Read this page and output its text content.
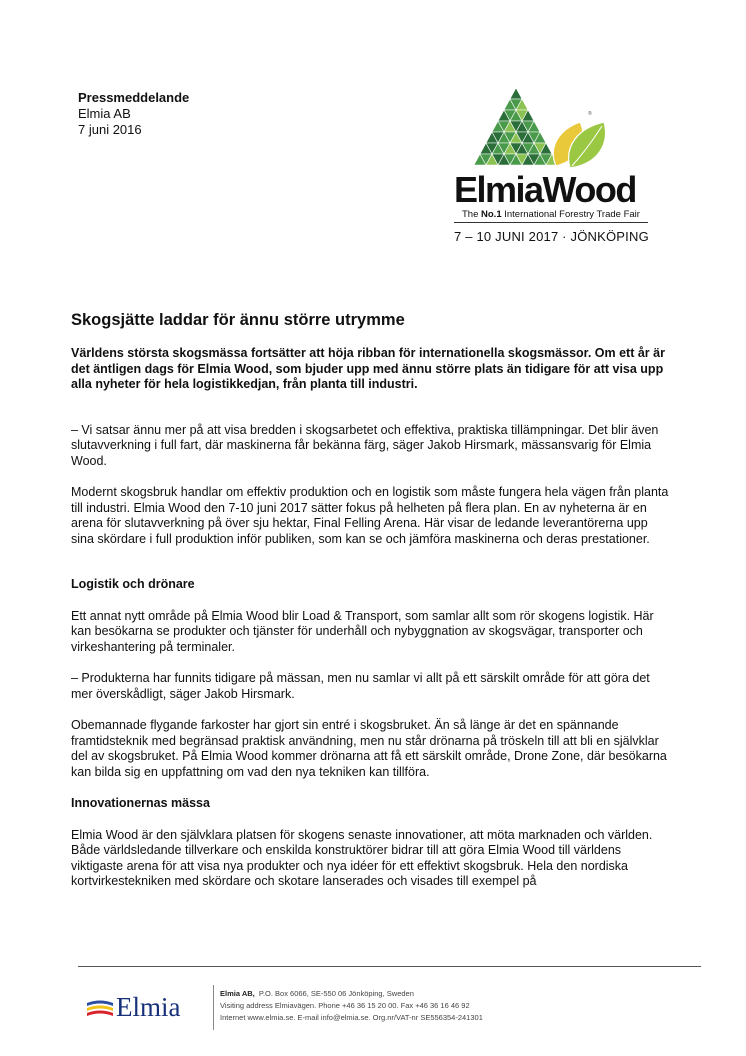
Pressmeddelande
Elmia AB
7 juni 2016
®
ElmiaWood
The No.1 International Forestry Trade Fair
7 – 10 JUNI 2017 · JÖNKÖPING
Skogsjätte laddar för ännu större utrymme
Världens största skogsmässa fortsätter att höja ribban för internationella skogsmässor. Om ett år är det äntligen dags för Elmia Wood, som bjuder upp med ännu större plats än tidigare för att visa upp alla nyheter för hela logistikkedjan, från planta till industri.
– Vi satsar ännu mer på att visa bredden i skogsarbetet och effektiva, praktiska tillämpningar. Det blir även slutavverkning i full fart, där maskinerna får bekänna färg, säger Jakob Hirsmark, mässansvarig för Elmia Wood.
Modernt skogsbruk handlar om effektiv produktion och en logistik som måste fungera hela vägen från planta till industri. Elmia Wood den 7-10 juni 2017 sätter fokus på helheten på flera plan. En av nyheterna är en arena för slutavverkning på över sju hektar, Final Felling Arena. Här visar de ledande leverantörerna upp sina skördare i full produktion inför publiken, som kan se och jämföra maskinerna och deras prestationer.
Logistik och drönare
Ett annat nytt område på Elmia Wood blir Load & Transport, som samlar allt som rör skogens logistik. Här kan besökarna se produkter och tjänster för underhåll och nybyggnation av skogsvägar, transporter och virkeshantering på terminaler.
– Produkterna har funnits tidigare på mässan, men nu samlar vi allt på ett särskilt område för att göra det mer överskådligt, säger Jakob Hirsmark.
Obemannade flygande farkoster har gjort sin entré i skogsbruket. Än så länge är det en spännande framtidsteknik med begränsad praktisk användning, men nu står drönarna på tröskeln till att bli en självklar del av skogsbruket. På Elmia Wood kommer drönarna att få ett särskilt område, Drone Zone, där besökarna kan bilda sig en uppfattning om vad den nya tekniken kan tillföra.
Innovationernas mässa
Elmia Wood är den självklara platsen för skogens senaste innovationer, att möta marknaden och världen. Både världsledande tillverkare och enskilda konstruktörer bidrar till att göra Elmia Wood till världens viktigaste arena för att visa nya produkter och nya idéer för ett effektivt skogsbruk. Hela den nordiska kortvirkestekniken med skördare och skotare lanserades och visades till exempel på
Elmia	Elmia AB, P.O. Box 6066, SE-550 06 Jönköping, Sweden
Visiting address Elmiavägen. Phone +46 36 15 20 00. Fax +46 36 16 46 92
Internet www.elmia.se. E-mail info@elmia.se. Org.nr/VAT-nr SE556354-241301
